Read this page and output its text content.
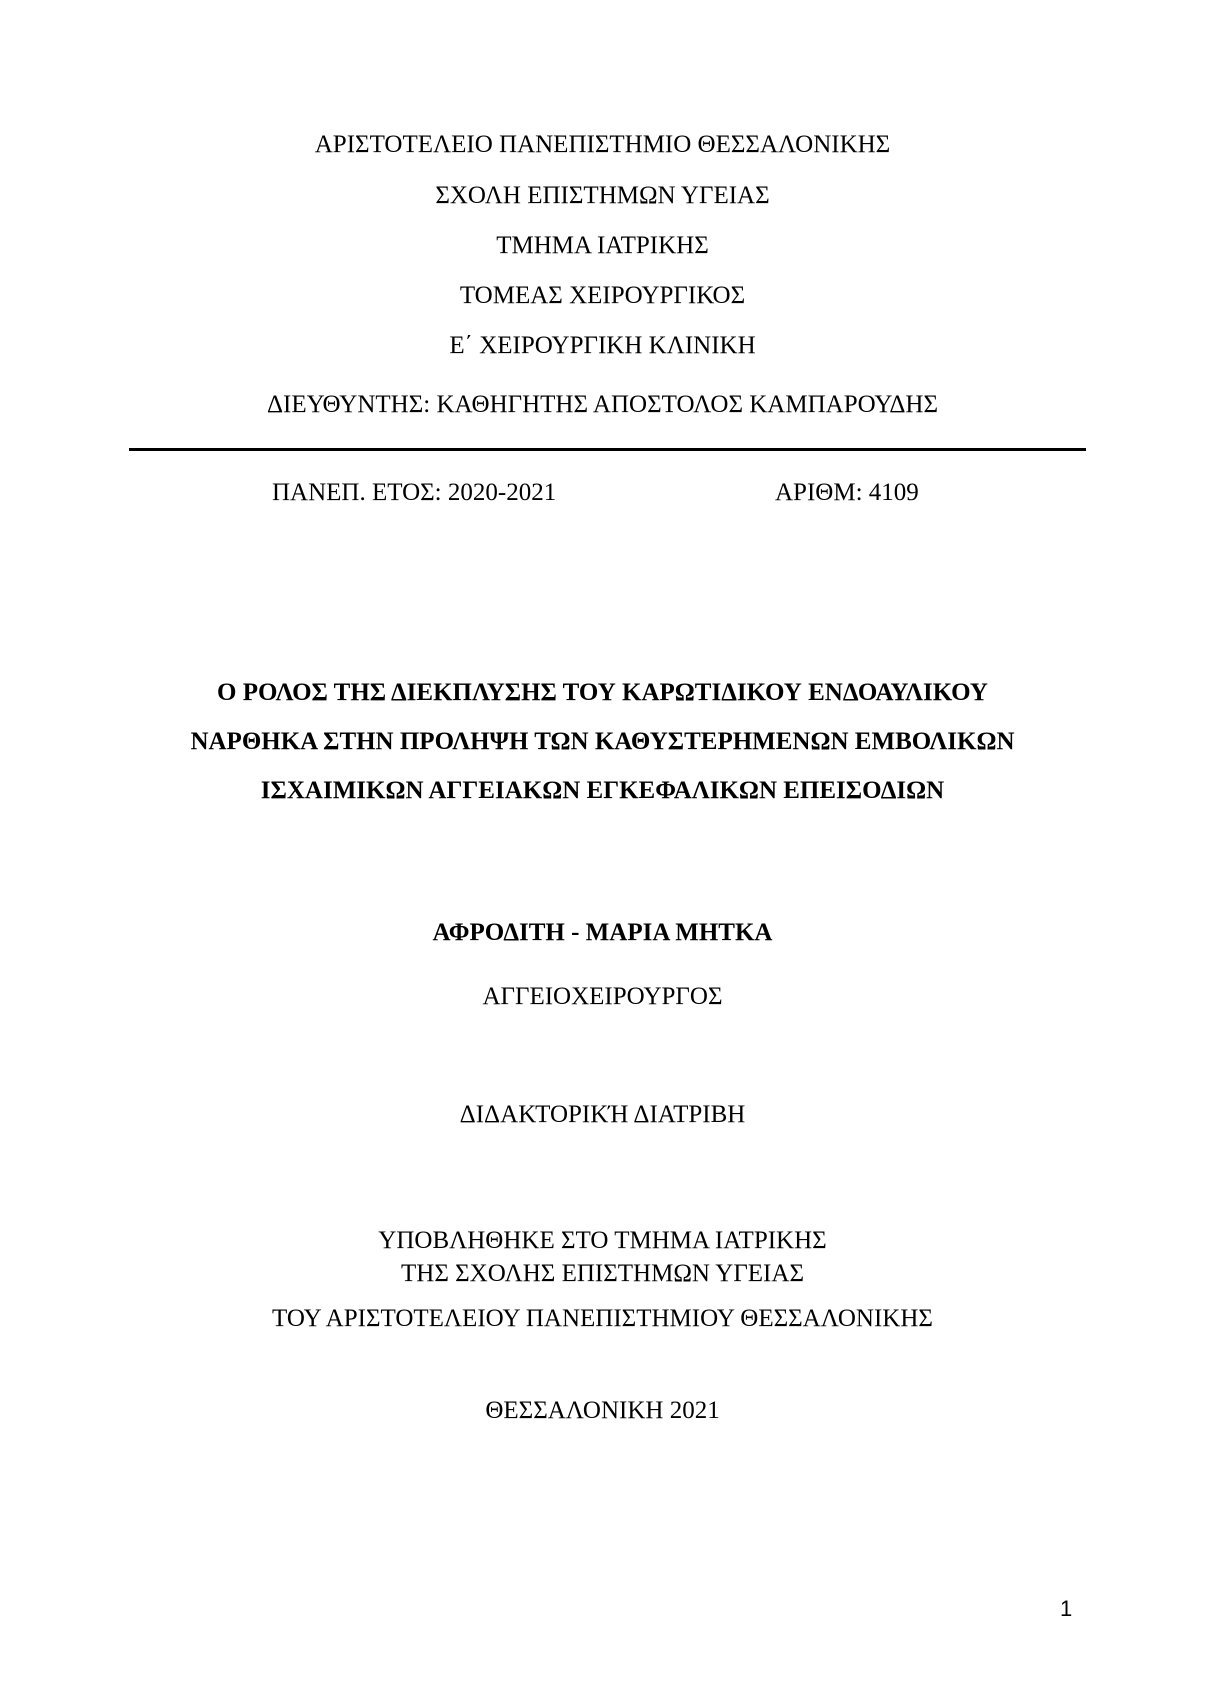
ΑΡΙΣΤΟΤΕΛΕΙΟ ΠΑΝΕΠΙΣΤΗΜΙΟ ΘΕΣΣΑΛΟΝΙΚΗΣ
ΣΧΟΛΗ ΕΠΙΣΤΗΜΩΝ ΥΓΕΙΑΣ
ΤΜΗΜΑ ΙΑΤΡΙΚΗΣ
ΤΟΜΕΑΣ ΧΕΙΡΟΥΡΓΙΚΟΣ
Ε΄ ΧΕΙΡΟΥΡΓΙΚΗ ΚΛΙΝΙΚΗ
ΔΙΕΥΘΥΝΤΗΣ: ΚΑΘΗΓΗΤΗΣ ΑΠΟΣΤΟΛΟΣ ΚΑΜΠΑΡΟΥΔΗΣ
ΠΑΝΕΠ. ΕΤΟΣ: 2020-2021	ΑΡΙΘΜ: 4109
Ο ΡΟΛΟΣ ΤΗΣ ΔΙΕΚΠΛΥΣΗΣ ΤΟΥ ΚΑΡΩΤΙΔΙΚΟΥ ΕΝΔΟΑΥΛΙΚΟΥ
ΝΑΡΘΗΚΑ ΣΤΗΝ ΠΡΟΛΗΨΗ ΤΩΝ ΚΑΘΥΣΤΕΡΗΜΕΝΩΝ ΕΜΒΟΛΙΚΩΝ
ΙΣΧΑΙΜΙΚΩΝ ΑΓΓΕΙΑΚΩΝ ΕΓΚΕΦΑΛΙΚΩΝ ΕΠΕΙΣΟΔΙΩΝ
ΑΦΡΟΔΙΤΗ - ΜΑΡΙΑ ΜΗΤΚΑ
ΑΓΓΕΙΟΧΕΙΡΟΥΡΓΟΣ
ΔΙΔΑΚΤΟΡΙΚΉ ΔΙΑΤΡΙΒΗ
ΥΠΟΒΛΗΘΗΚΕ ΣΤΟ ΤΜΗΜΑ ΙΑΤΡΙΚΗΣ
ΤΗΣ ΣΧΟΛΗΣ ΕΠΙΣΤΗΜΩΝ ΥΓΕΙΑΣ
ΤΟΥ ΑΡΙΣΤΟΤΕΛΕΙΟΥ ΠΑΝΕΠΙΣΤΗΜΙΟΥ ΘΕΣΣΑΛΟΝΙΚΗΣ
ΘΕΣΣΑΛΟΝΙΚΗ 2021
1
